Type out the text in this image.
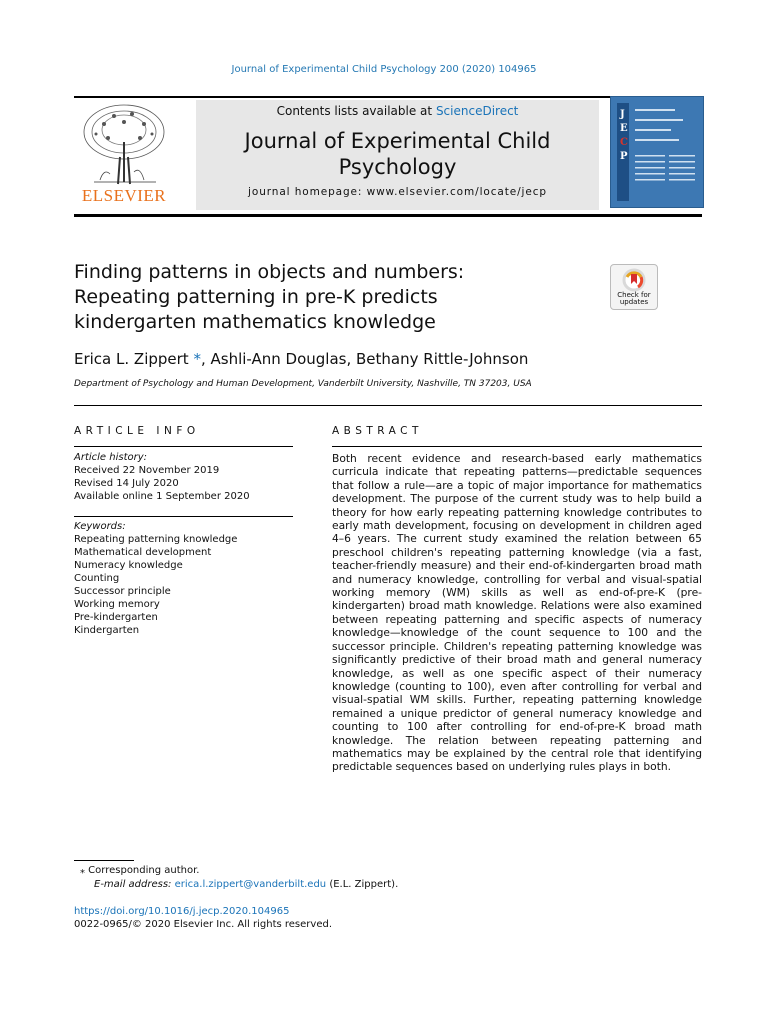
Journal of Experimental Child Psychology 200 (2020) 104965
ELSEVIER
Contents lists available at ScienceDirect
Journal of Experimental Child
Psychology
journal homepage: www.elsevier.com/locate/jecp
J
E
C
P
Finding patterns in objects and numbers:
Repeating patterning in pre-K predicts
kindergarten mathematics knowledge
Check for
updates
Erica L. Zippert *, Ashli-Ann Douglas, Bethany Rittle-Johnson
Department of Psychology and Human Development, Vanderbilt University, Nashville, TN 37203, USA
ARTICLE INFO	ABSTRACT
Article history:
Received 22 November 2019
Revised 14 July 2020
Available online 1 September 2020
Keywords:
Repeating patterning knowledge
Mathematical development
Numeracy knowledge
Counting
Successor principle
Working memory
Pre-kindergarten
Kindergarten
Both recent evidence and research-based early mathematics curricula indicate that repeating patterns—predictable sequences that follow a rule—are a topic of major importance for mathematics development. The purpose of the current study was to help build a theory for how early repeating patterning knowledge contributes to early math development, focusing on development in children aged 4–6 years. The current study examined the relation between 65 preschool children's repeating patterning knowledge (via a fast, teacher-friendly measure) and their end-of-kindergarten broad math and numeracy knowledge, controlling for verbal and visual-spatial working memory (WM) skills as well as end-of-pre-K (pre-kindergarten) broad math knowledge. Relations were also examined between repeating patterning and specific aspects of numeracy knowledge—knowledge of the count sequence to 100 and the successor principle. Children's repeating patterning knowledge was significantly predictive of their broad math and general numeracy knowledge, as well as one specific aspect of their numeracy knowledge (counting to 100), even after controlling for verbal and visual-spatial WM skills. Further, repeating patterning knowledge remained a unique predictor of general numeracy knowledge and counting to 100 after controlling for end-of-pre-K broad math knowledge. The relation between repeating patterning and mathematics may be explained by the central role that identifying predictable sequences based on underlying rules plays in both.
⁎ Corresponding author.
E-mail address: erica.l.zippert@vanderbilt.edu (E.L. Zippert).
https://doi.org/10.1016/j.jecp.2020.104965
0022-0965/© 2020 Elsevier Inc. All rights reserved.
